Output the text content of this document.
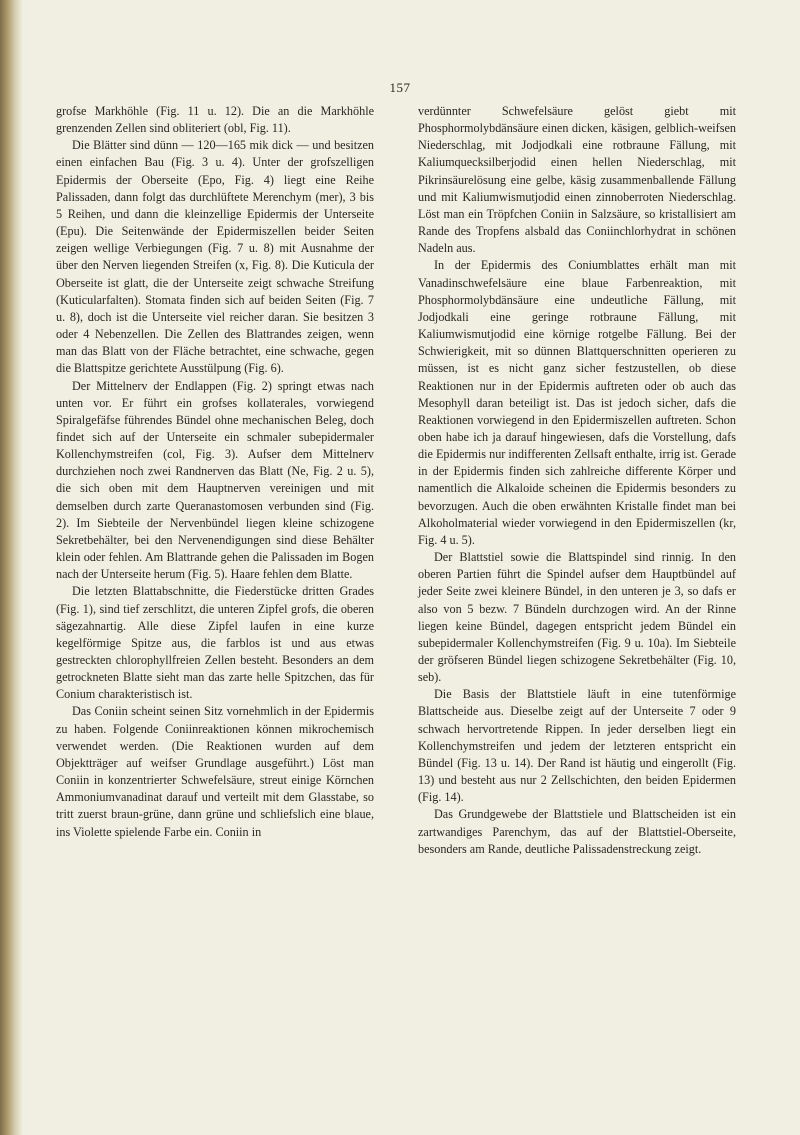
157

grofse Markhöhle (Fig. 11 u. 12). Die an die Markhöhle grenzenden Zellen sind obliteriert (obl, Fig. 11).

Die Blätter sind dünn — 120—165 mik dick — und besitzen einen einfachen Bau (Fig. 3 u. 4). Unter der grofszelligen Epidermis der Oberseite (Epo, Fig. 4) liegt eine Reihe Palissaden, dann folgt das durchlüftete Merenchym (mer), 3 bis 5 Reihen, und dann die kleinzellige Epidermis der Unterseite (Epu). Die Seitenwände der Epidermiszellen beider Seiten zeigen wellige Verbiegungen (Fig. 7 u. 8) mit Ausnahme der über den Nerven liegenden Streifen (x, Fig. 8). Die Kuticula der Oberseite ist glatt, die der Unterseite zeigt schwache Streifung (Kuticularfalten). Stomata finden sich auf beiden Seiten (Fig. 7 u. 8), doch ist die Unterseite viel reicher daran. Sie besitzen 3 oder 4 Nebenzellen. Die Zellen des Blattrandes zeigen, wenn man das Blatt von der Fläche betrachtet, eine schwache, gegen die Blattspitze gerichtete Ausstülpung (Fig. 6).

Der Mittelnerv der Endlappen (Fig. 2) springt etwas nach unten vor. Er führt ein grofses kollaterales, vorwiegend Spiralgefäfse führendes Bündel ohne mechanischen Beleg, doch findet sich auf der Unterseite ein schmaler subepidermaler Kollenchymstreifen (col, Fig. 3). Aufser dem Mittelnerv durchziehen noch zwei Randnerven das Blatt (Ne, Fig. 2 u. 5), die sich oben mit dem Hauptnerven vereinigen und mit demselben durch zarte Queranastomosen verbunden sind (Fig. 2). Im Siebteile der Nervenbündel liegen kleine schizogene Sekretbehälter, bei den Nervenendigungen sind diese Behälter klein oder fehlen. Am Blattrande gehen die Palissaden im Bogen nach der Unterseite herum (Fig. 5). Haare fehlen dem Blatte.

Die letzten Blattabschnitte, die Fiederstücke dritten Grades (Fig. 1), sind tief zerschlitzt, die unteren Zipfel grofs, die oberen sägezahnartig. Alle diese Zipfel laufen in eine kurze kegelförmige Spitze aus, die farblos ist und aus etwas gestreckten chlorophyllfreien Zellen besteht. Besonders an dem getrockneten Blatte sieht man das zarte helle Spitzchen, das für Conium charakteristisch ist.

Das Coniin scheint seinen Sitz vornehmlich in der Epidermis zu haben. Folgende Coniinreaktionen können mikrochemisch verwendet werden. (Die Reaktionen wurden auf dem Objektträger auf weifser Grundlage ausgeführt.) Löst man Coniin in konzentrierter Schwefelsäure, streut einige Körnchen Ammoniumvanadinat darauf und verteilt mit dem Glasstabe, so tritt zuerst braun-grüne, dann grüne und schliefslich eine blaue, ins Violette spielende Farbe ein. Coniin in

verdünnter Schwefelsäure gelöst giebt mit Phosphormolybdänsäure einen dicken, käsigen, gelblich-weifsen Niederschlag, mit Jodjodkali eine rotbraune Fällung, mit Kaliumquecksilberjodid einen hellen Niederschlag, mit Pikrinsäurelösung eine gelbe, käsig zusammenballende Fällung und mit Kaliumwismutjodid einen zinnoberroten Niederschlag. Löst man ein Tröpfchen Coniin in Salzsäure, so kristallisiert am Rande des Tropfens alsbald das Coniinchlorhydrat in schönen Nadeln aus.

In der Epidermis des Coniumblattes erhält man mit Vanadinschwefelsäure eine blaue Farbenreaktion, mit Phosphormolybdänsäure eine undeutliche Fällung, mit Jodjodkali eine geringe rotbraune Fällung, mit Kaliumwismutjodid eine körnige rotgelbe Fällung. Bei der Schwierigkeit, mit so dünnen Blattquerschnitten operieren zu müssen, ist es nicht ganz sicher festzustellen, ob diese Reaktionen nur in der Epidermis auftreten oder ob auch das Mesophyll daran beteiligt ist. Das ist jedoch sicher, dafs die Reaktionen vorwiegend in den Epidermiszellen auftreten. Schon oben habe ich ja darauf hingewiesen, dafs die Vorstellung, dafs die Epidermis nur indifferenten Zellsaft enthalte, irrig ist. Gerade in der Epidermis finden sich zahlreiche differente Körper und namentlich die Alkaloide scheinen die Epidermis besonders zu bevorzugen. Auch die oben erwähnten Kristalle findet man bei Alkoholmaterial wieder vorwiegend in den Epidermiszellen (kr, Fig. 4 u. 5).

Der Blattstiel sowie die Blattspindel sind rinnig. In den oberen Partien führt die Spindel aufser dem Hauptbündel auf jeder Seite zwei kleinere Bündel, in den unteren je 3, so dafs er also von 5 bezw. 7 Bündeln durchzogen wird. An der Rinne liegen keine Bündel, dagegen entspricht jedem Bündel ein subepidermaler Kollenchymstreifen (Fig. 9 u. 10a). Im Siebteile der gröfseren Bündel liegen schizogene Sekretbehälter (Fig. 10, seb).

Die Basis der Blattstiele läuft in eine tutenförmige Blattscheide aus. Dieselbe zeigt auf der Unterseite 7 oder 9 schwach hervortretende Rippen. In jeder derselben liegt ein Kollenchymstreifen und jedem der letzteren entspricht ein Bündel (Fig. 13 u. 14). Der Rand ist häutig und eingerollt (Fig. 13) und besteht aus nur 2 Zellschichten, den beiden Epidermen (Fig. 14).

Das Grundgewebe der Blattstiele und Blattscheiden ist ein zartwandiges Parenchym, das auf der Blattstiel-Oberseite, besonders am Rande, deutliche Palissadenstreckung zeigt.
